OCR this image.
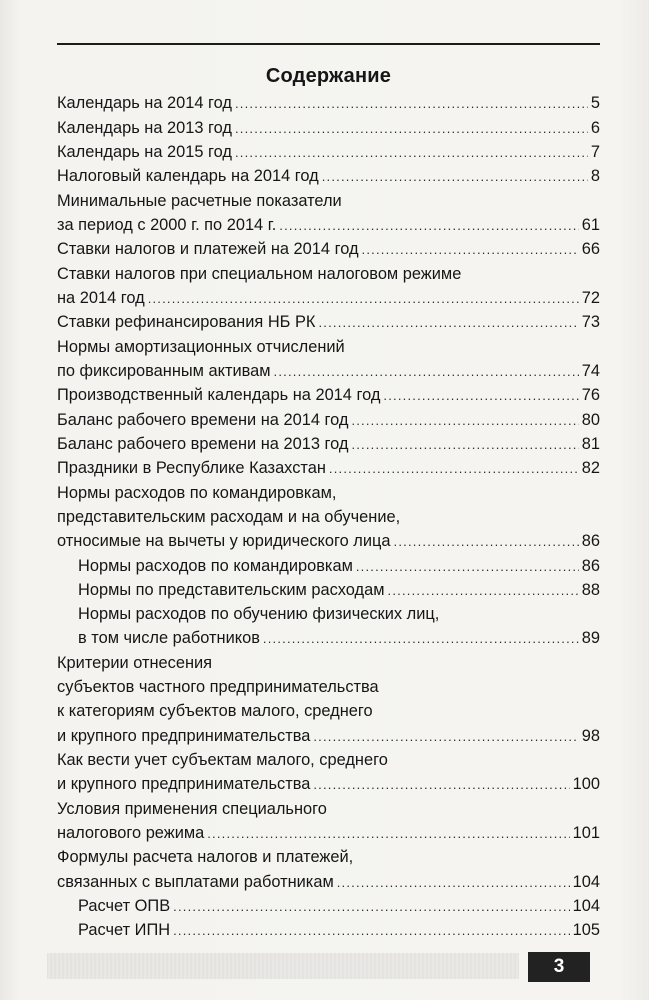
Содержание
Календарь на 2014 год .....	5
Календарь на 2013 год .....	6
Календарь на 2015 год .....	7
Налоговый календарь на 2014 год .....	8
Минимальные расчетные показатели
за период с 2000 г. по 2014 г. .....	61
Ставки налогов и платежей на 2014 год .....	66
Ставки налогов при специальном налоговом режиме
на 2014 год .....	72
Ставки рефинансирования НБ РК .....	73
Нормы амортизационных отчислений
по фиксированным активам .....	74
Производственный календарь на 2014 год .....	76
Баланс рабочего времени на 2014 год .....	80
Баланс рабочего времени на 2013 год .....	81
Праздники в Республике Казахстан .....	82
Нормы расходов по командировкам,
представительским расходам и на обучение,
относимые на вычеты у юридического лица .....	86
Нормы расходов по командировкам .....	86
Нормы по представительским расходам .....	88
Нормы расходов по обучению физических лиц,
в том числе работников .....	89
Критерии отнесения
субъектов частного предпринимательства
к категориям субъектов малого, среднего
и крупного предпринимательства .....	98
Как вести учет субъектам малого, среднего
и крупного предпринимательства .....	100
Условия применения специального
налогового режима .....	101
Формулы расчета налогов и платежей,
связанных с выплатами работникам .....	104
Расчет ОПВ .....	104
Расчет ИПН .....	105
3
